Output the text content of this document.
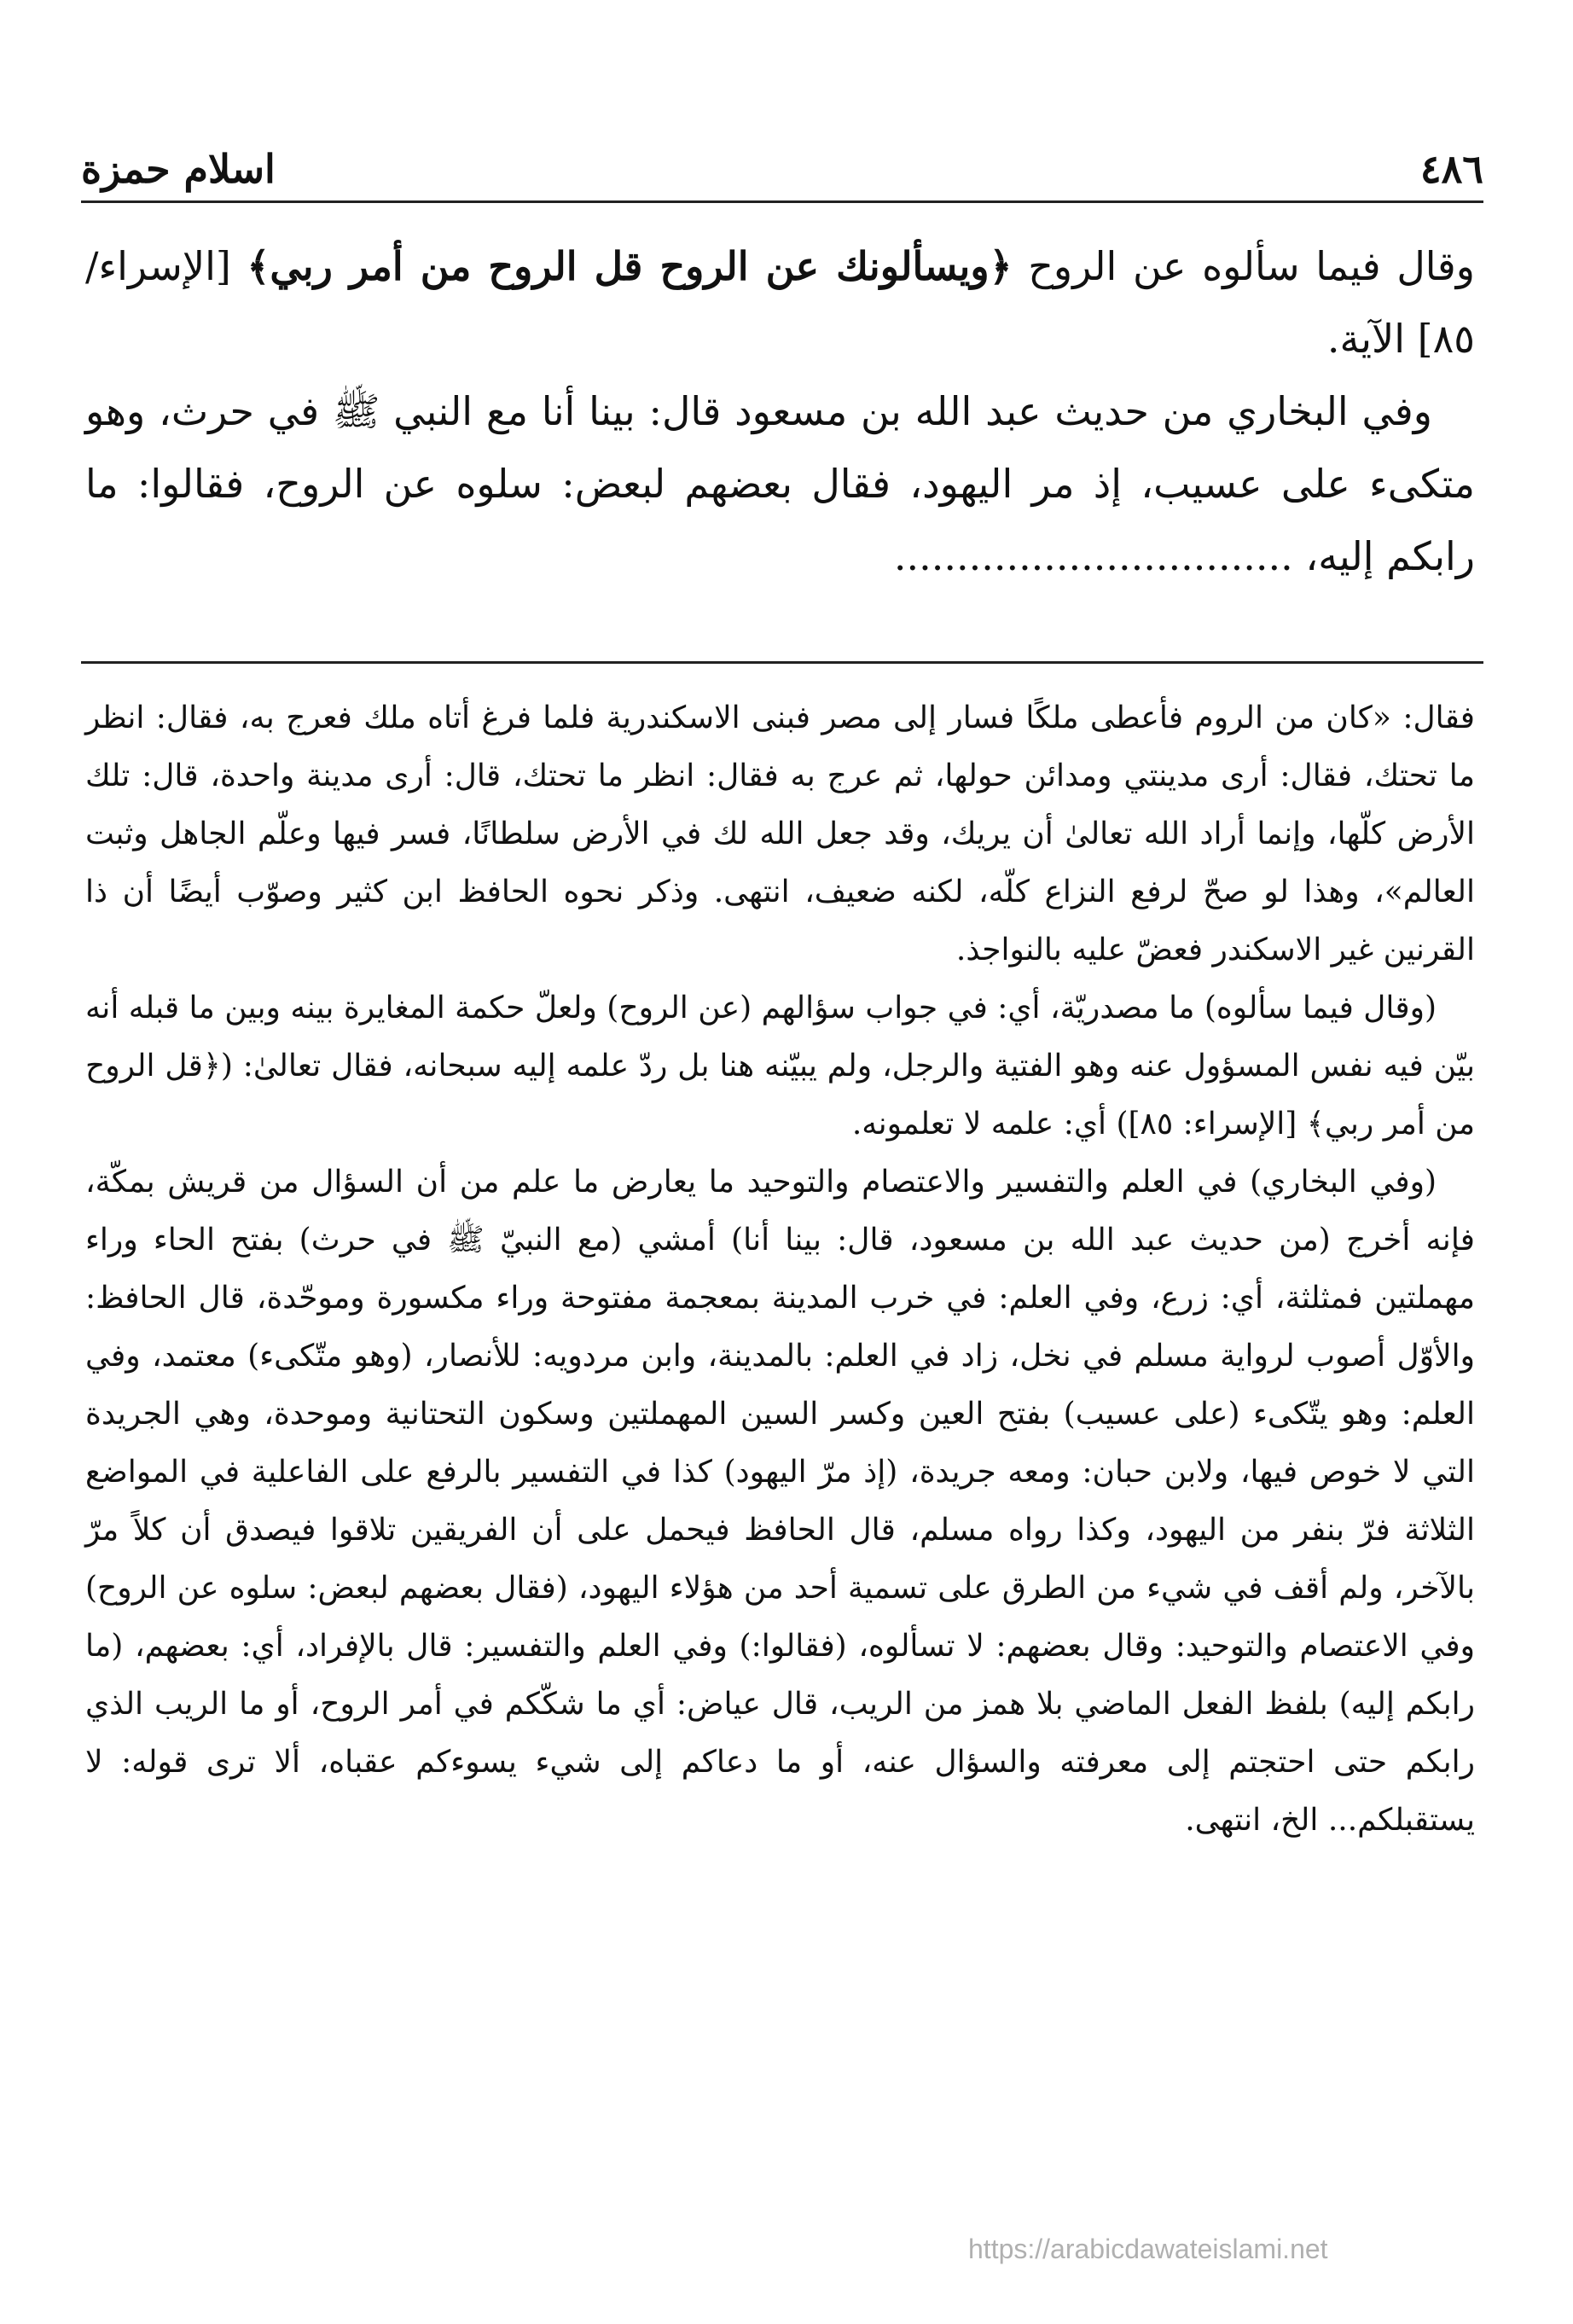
٤٨٦
اسلام حمزة

وقال فيما سألوه عن الروح ﴿ويسألونك عن الروح قل الروح من أمر ربي﴾ [الإسراء/٨٥] الآية.

وفي البخاري من حديث عبد الله بن مسعود قال: بينا أنا مع النبي ﷺ في حرث، وهو متكىء على عسيب، إذ مر اليهود، فقال بعضهم لبعض: سلوه عن الروح، فقالوا: ما رابكم إليه، ................................

فقال: «كان من الروم فأعطى ملكًا فسار إلى مصر فبنى الاسكندرية فلما فرغ أتاه ملك فعرج به، فقال: انظر ما تحتك، فقال: أرى مدينتي ومدائن حولها، ثم عرج به فقال: انظر ما تحتك، قال: أرى مدينة واحدة، قال: تلك الأرض كلّها، وإنما أراد الله تعالىٰ أن يريك، وقد جعل الله لك في الأرض سلطانًا، فسر فيها وعلّم الجاهل وثبت العالم»، وهذا لو صحّ لرفع النزاع كلّه، لكنه ضعيف، انتهى. وذكر نحوه الحافظ ابن كثير وصوّب أيضًا أن ذا القرنين غير الاسكندر فعضّ عليه بالنواجذ.

(وقال فيما سألوه) ما مصدريّة، أي: في جواب سؤالهم (عن الروح) ولعلّ حكمة المغايرة بينه وبين ما قبله أنه بيّن فيه نفس المسؤول عنه وهو الفتية والرجل، ولم يبيّنه هنا بل ردّ علمه إليه سبحانه، فقال تعالىٰ: (﴿قل الروح من أمر ربي﴾ [الإسراء: ٨٥]) أي: علمه لا تعلمونه.

(وفي البخاري) في العلم والتفسير والاعتصام والتوحيد ما يعارض ما علم من أن السؤال من قريش بمكّة، فإنه أخرج (من حديث عبد الله بن مسعود، قال: بينا أنا) أمشي (مع النبيّ ﷺ في حرث) بفتح الحاء وراء مهملتين فمثلثة، أي: زرع، وفي العلم: في خرب المدينة بمعجمة مفتوحة وراء مكسورة وموحّدة، قال الحافظ: والأوّل أصوب لرواية مسلم في نخل، زاد في العلم: بالمدينة، وابن مردويه: للأنصار، (وهو متّكىء) معتمد، وفي العلم: وهو يتّكىء (على عسيب) بفتح العين وكسر السين المهملتين وسكون التحتانية وموحدة، وهي الجريدة التي لا خوص فيها، ولابن حبان: ومعه جريدة، (إذ مرّ اليهود) كذا في التفسير بالرفع على الفاعلية في المواضع الثلاثة فرّ بنفر من اليهود، وكذا رواه مسلم، قال الحافظ فيحمل على أن الفريقين تلاقوا فيصدق أن كلاً مرّ بالآخر، ولم أقف في شيء من الطرق على تسمية أحد من هؤلاء اليهود، (فقال بعضهم لبعض: سلوه عن الروح) وفي الاعتصام والتوحيد: وقال بعضهم: لا تسألوه، (فقالوا:) وفي العلم والتفسير: قال بالإفراد، أي: بعضهم، (ما رابكم إليه) بلفظ الفعل الماضي بلا همز من الريب، قال عياض: أي ما شكّكم في أمر الروح، أو ما الريب الذي رابكم حتى احتجتم إلى معرفته والسؤال عنه، أو ما دعاكم إلى شيء يسوءكم عقباه، ألا ترى قوله: لا يستقبلكم... الخ، انتهى.

https://arabicdawateislami.net
